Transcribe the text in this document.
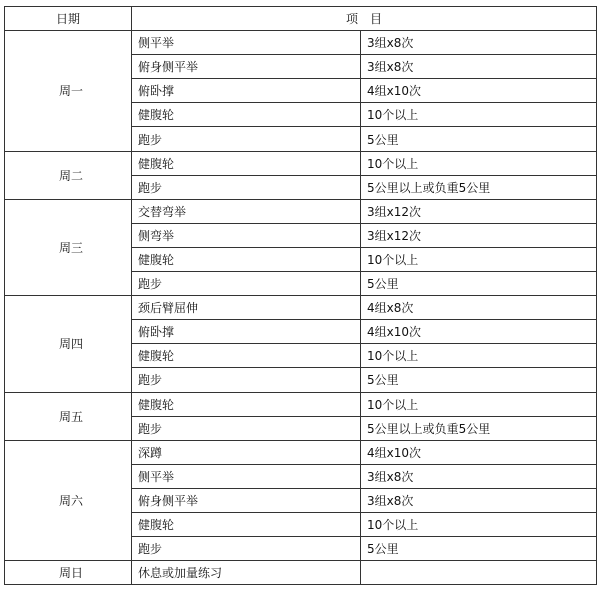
日期	项　目	
周一	侧平举	3组x8次
	俯身侧平举	3组x8次
	俯卧撑	4组x10次
	健腹轮	10个以上
	跑步	5公里
周二	健腹轮	10个以上
	跑步	5公里以上或负重5公里
周三	交替弯举	3组x12次
	侧弯举	3组x12次
	健腹轮	10个以上
	跑步	5公里
周四	颈后臂屈伸	4组x8次
	俯卧撑	4组x10次
	健腹轮	10个以上
	跑步	5公里
周五	健腹轮	10个以上
	跑步	5公里以上或负重5公里
周六	深蹲	4组x10次
	侧平举	3组x8次
	俯身侧平举	3组x8次
	健腹轮	10个以上
	跑步	5公里
周日	休息或加量练习	
